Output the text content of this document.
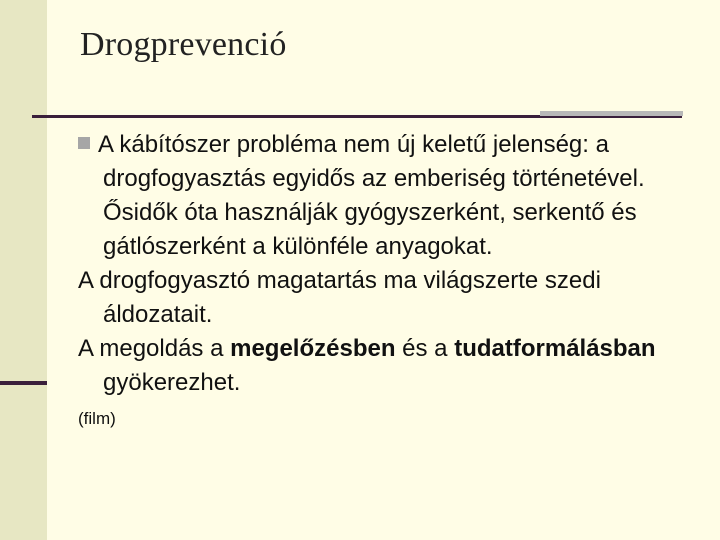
Drogprevenció

A kábítószer probléma nem új keletű jelenség: a drogfogyasztás egyidős az emberiség történetével. Ősidők óta használják gyógyszerként, serkentő és gátlószerként a különféle anyagokat.

A drogfogyasztó magatartás ma világszerte szedi áldozatait.

A megoldás a megelőzésben és a tudatformálásban gyökerezhet.

(film)
